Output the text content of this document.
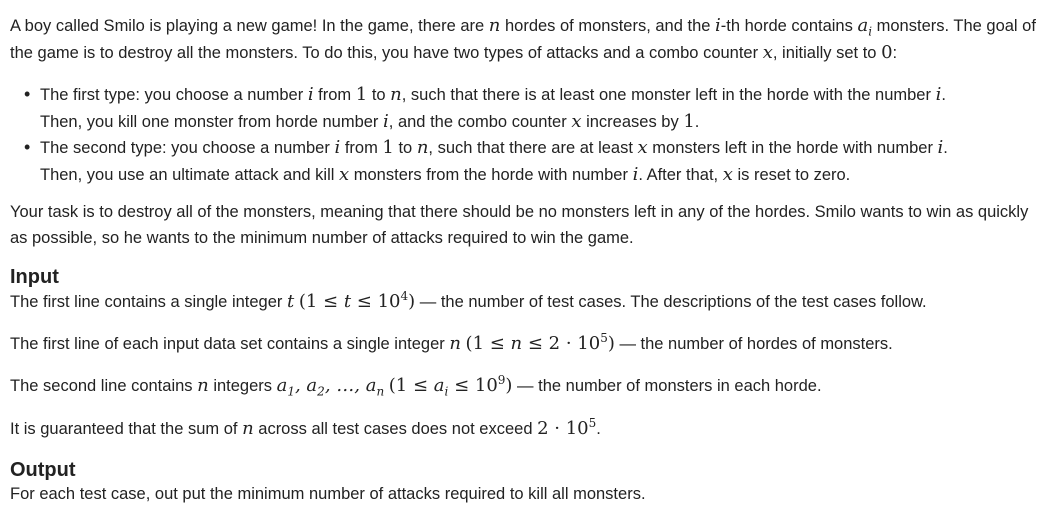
A boy called Smilo is playing a new game! In the game, there are n hordes of monsters, and the i-th horde contains $a_i$ monsters. The goal of the game is to destroy all the monsters. To do this, you have two types of attacks and a combo counter x, initially set to 0:

• The first type: you choose a number i from 1 to n, such that there is at least one monster left in the horde with the number i.
Then, you kill one monster from horde number i, and the combo counter x increases by 1.
• The second type: you choose a number i from 1 to n, such that there are at least x monsters left in the horde with number i.
Then, you use an ultimate attack and kill x monsters from the horde with number i. After that, x is reset to zero.

Your task is to destroy all of the monsters, meaning that there should be no monsters left in any of the hordes. Smilo wants to win as quickly as possible, so he wants to the minimum number of attacks required to win the game.

Input

The first line contains a single integer t $(1 \le t \le 10^4)$ — the number of test cases. The descriptions of the test cases follow.

The first line of each input data set contains a single integer n $(1 \le n \le 2 \cdot 10^5)$ — the number of hordes of monsters.

The second line contains n integers $a_1$, $a_2$, …, $a_n$ $(1 \le a_i \le 10^9)$ — the number of monsters in each horde.

It is guaranteed that the sum of n across all test cases does not exceed $2 \cdot 10^5$.

Output

For each test case, out put the minimum number of attacks required to kill all monsters.
